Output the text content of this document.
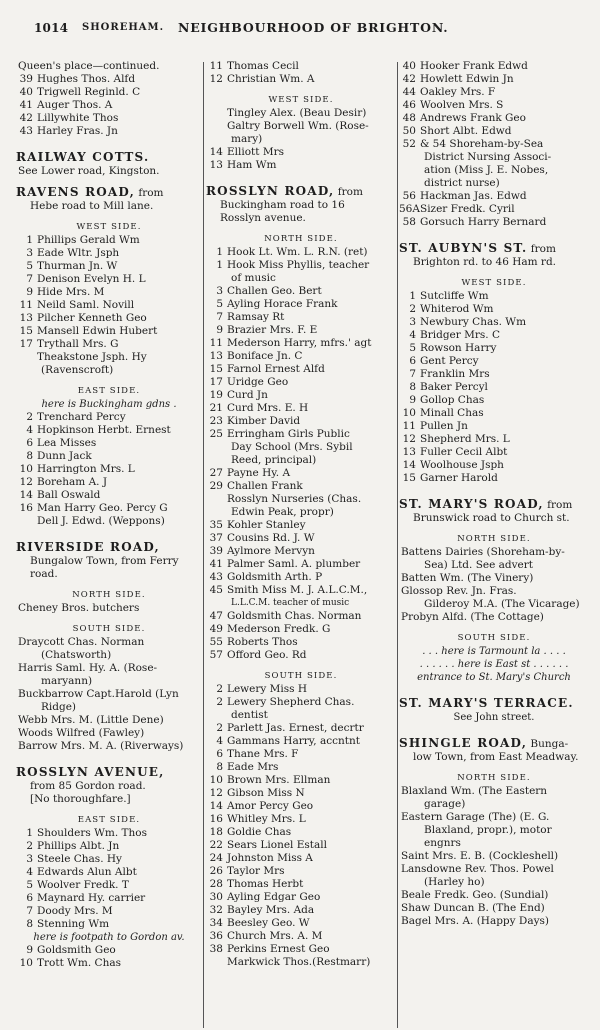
1014 SHOREHAM. NEIGHBOURHOOD OF BRIGHTON.
Queen's place—continued.
39 Hughes Thos. Alfd
40 Trigwell Reginld. C
41 Auger Thos. A
42 Lillywhite Thos
43 Harley Fras. Jn
RAILWAY COTTS.
See Lower road, Kingston.
RAVENS ROAD, from
Hebe road to Mill lane.
WEST SIDE.
1 Phillips Gerald Wm
3 Eade Wltr. Jsph
5 Thurman Jn. W
7 Denison Evelyn H. L
9 Hide Mrs. M
11 Neild Saml. Novill
13 Pilcher Kenneth Geo
15 Mansell Edwin Hubert
17 Trythall Mrs. G
Theakstone Jsph. Hy
(Ravenscroft)
EAST SIDE.
here is Buckingham gdns .
2 Trenchard Percy
4 Hopkinson Herbt. Ernest
6 Lea Misses
8 Dunn Jack
10 Harrington Mrs. L
12 Boreham A. J
14 Ball Oswald
16 Man Harry Geo. Percy G
Dell J. Edwd. (Weppons)
RIVERSIDE ROAD,
Bungalow Town, from Ferry
road.
NORTH SIDE.
Cheney Bros. butchers
SOUTH SIDE.
Draycott Chas. Norman
(Chatsworth)
Harris Saml. Hy. A. (Rose-
maryann)
Buckbarrow Capt.Harold (Lyn
Ridge)
Webb Mrs. M. (Little Dene)
Woods Wilfred (Fawley)
Barrow Mrs. M. A. (Riverways)
ROSSLYN AVENUE,
from 85 Gordon road.
[No thoroughfare.]
EAST SIDE.
1 Shoulders Wm. Thos
2 Phillips Albt. Jn
3 Steele Chas. Hy
4 Edwards Alun Albt
5 Woolver Fredk. T
6 Maynard Hy. carrier
7 Doody Mrs. M
8 Stenning Wm
here is footpath to Gordon av.
9 Goldsmith Geo
10 Trott Wm. Chas
11 Thomas Cecil
12 Christian Wm. A
WEST SIDE.
Tingley Alex. (Beau Desir)
Galtry Borwell Wm. (Rose-
mary)
14 Elliott Mrs
13 Ham Wm
ROSSLYN ROAD, from
Buckingham road to 16
Rosslyn avenue.
NORTH SIDE.
1 Hook Lt. Wm. L. R.N. (ret)
1 Hook Miss Phyllis, teacher
of music
3 Challen Geo. Bert
5 Ayling Horace Frank
7 Ramsay Rt
9 Brazier Mrs. F. E
11 Mederson Harry, mfrs.' agt
13 Boniface Jn. C
15 Farnol Ernest Alfd
17 Uridge Geo
19 Curd Jn
21 Curd Mrs. E. H
23 Kimber David
25 Erringham Girls Public
Day School (Mrs. Sybil
Reed, principal)
27 Payne Hy. A
29 Challen Frank
Rosslyn Nurseries (Chas.
Edwin Peak, propr)
35 Kohler Stanley
37 Cousins Rd. J. W
39 Aylmore Mervyn
41 Palmer Saml. A. plumber
43 Goldsmith Arth. P
45 Smith Miss M. J. A.L.C.M.,
L.L.C.M. teacher of music
47 Goldsmith Chas. Norman
49 Mederson Fredk. G
55 Roberts Thos
57 Offord Geo. Rd
SOUTH SIDE.
2 Lewery Miss H
2 Lewery Shepherd Chas.
dentist
2 Parlett Jas. Ernest, decrtr
4 Gammans Harry, accntnt
6 Thane Mrs. F
8 Eade Mrs
10 Brown Mrs. Ellman
12 Gibson Miss N
14 Amor Percy Geo
16 Whitley Mrs. L
18 Goldie Chas
22 Sears Lionel Estall
24 Johnston Miss A
26 Taylor Mrs
28 Thomas Herbt
30 Ayling Edgar Geo
32 Bayley Mrs. Ada
34 Beesley Geo. W
36 Church Mrs. A. M
38 Perkins Ernest Geo
Markwick Thos.(Restmarr)
40 Hooker Frank Edwd
42 Howlett Edwin Jn
44 Oakley Mrs. F
46 Woolven Mrs. S
48 Andrews Frank Geo
50 Short Albt. Edwd
52 & 54 Shoreham-by-Sea
District Nursing Associ-
ation (Miss J. E. Nobes,
district nurse)
56 Hackman Jas. Edwd
56ASizer Fredk. Cyril
58 Gorsuch Harry Bernard
ST. AUBYN'S ST. from
Brighton rd. to 46 Ham rd.
WEST SIDE.
1 Sutcliffe Wm
2 Whiterod Wm
3 Newbury Chas. Wm
4 Bridger Mrs. C
5 Rowson Harry
6 Gent Percy
7 Franklin Mrs
8 Baker Percyl
9 Gollop Chas
10 Minall Chas
11 Pullen Jn
12 Shepherd Mrs. L
13 Fuller Cecil Albt
14 Woolhouse Jsph
15 Garner Harold
ST. MARY'S ROAD, from
Brunswick road to Church st.
NORTH SIDE.
Battens Dairies (Shoreham-by-
Sea) Ltd. See advert
Batten Wm. (The Vinery)
Glossop Rev. Jn. Fras.
Gilderoy M.A. (The Vicarage)
Probyn Alfd. (The Cottage)
SOUTH SIDE.
. . . here is Tarmount la . . . .
. . . . . . here is East st . . . . . .
entrance to St. Mary's Church
ST. MARY'S TERRACE.
See John street.
SHINGLE ROAD, Bunga-
low Town, from East Meadway.
NORTH SIDE.
Blaxland Wm. (The Eastern
garage)
Eastern Garage (The) (E. G.
Blaxland, propr.), motor
engnrs
Saint Mrs. E. B. (Cockleshell)
Lansdowne Rev. Thos. Powel
(Harley ho)
Beale Fredk. Geo. (Sundial)
Shaw Duncan B. (The End)
Bagel Mrs. A. (Happy Days)
